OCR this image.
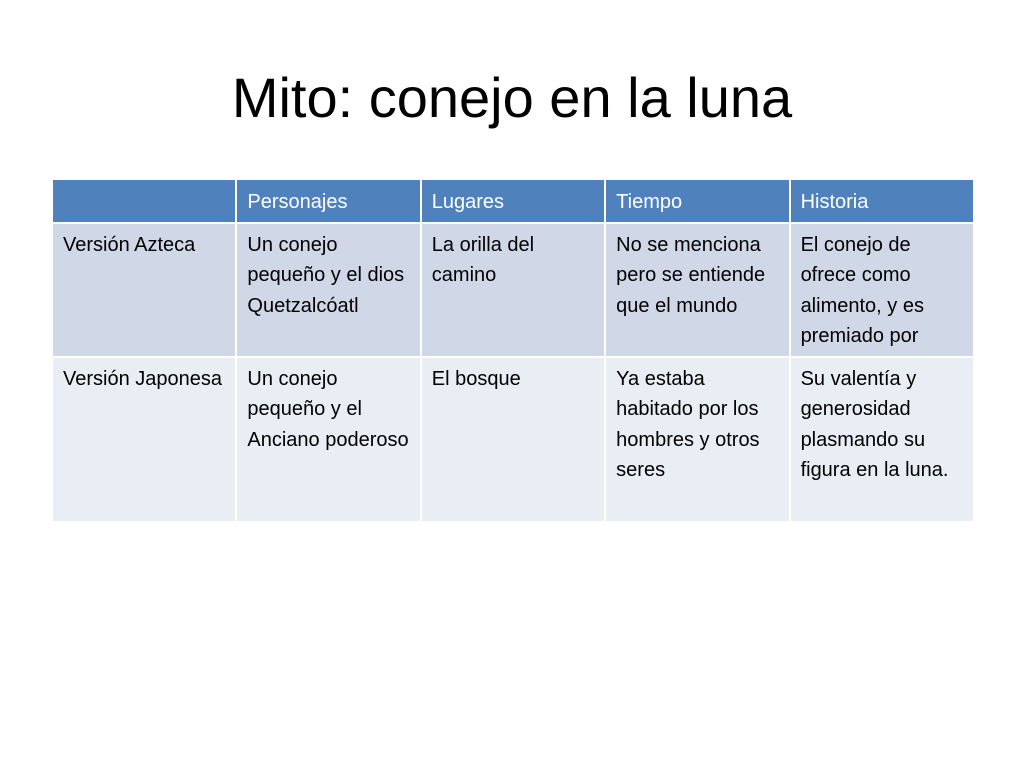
Mito: conejo en la luna
	Personajes	Lugares	Tiempo	Historia
Versión Azteca	Un conejo pequeño y el dios Quetzalcóatl	La orilla del camino	No se menciona pero se entiende que el mundo	El conejo de ofrece como alimento, y es premiado por
Versión Japonesa	Un conejo pequeño y el Anciano poderoso	El bosque	Ya estaba habitado por los hombres y otros seres	Su valentía y generosidad plasmando su figura en la luna.
